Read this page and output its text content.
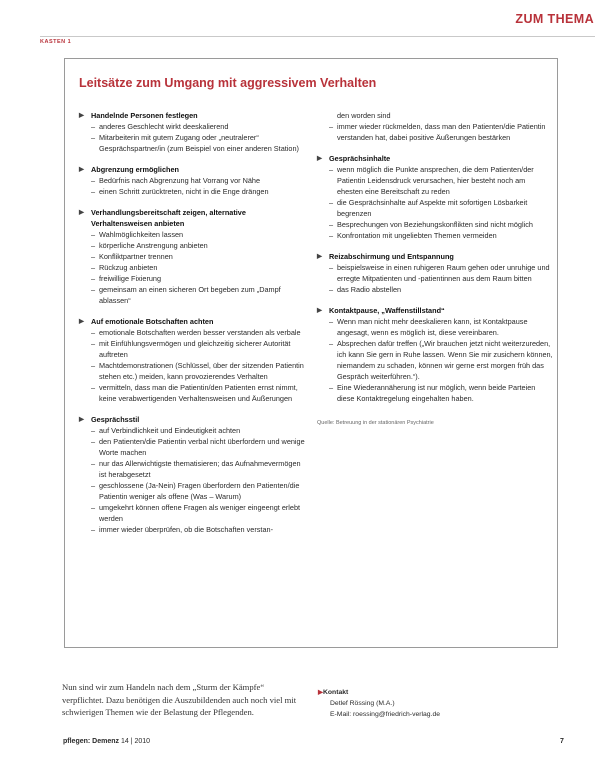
ZUM THEMA
KASTEN 1
Leitsätze zum Umgang mit aggressivem Verhalten
▶ Handelnde Personen festlegen
– anderes Geschlecht wirkt deeskalierend
– Mitarbeiterin mit gutem Zugang oder „neutralerer“ Gesprächspartner/in (zum Beispiel von einer anderen Station)
▶ Abgrenzung ermöglichen
– Bedürfnis nach Abgrenzung hat Vorrang vor Nähe
– einen Schritt zurücktreten, nicht in die Enge drängen
▶ Verhandlungsbereitschaft zeigen, alternative Verhaltensweisen anbieten
– Wahlmöglichkeiten lassen
– körperliche Anstrengung anbieten
– Konfliktpartner trennen
– Rückzug anbieten
– freiwillige Fixierung
– gemeinsam an einen sicheren Ort begeben zum „Dampf ablassen“
▶ Auf emotionale Botschaften achten
– emotionale Botschaften werden besser verstanden als verbale
– mit Einfühlungsvermögen und gleichzeitig sicherer Autorität auftreten
– Machtdemonstrationen (Schlüssel, über der sitzenden Patientin stehen etc.) meiden, kann provozierendes Verhalten
– vermitteln, dass man die Patientin/den Patienten ernst nimmt, keine verabwertigenden Verhaltensweisen und Äußerungen
▶ Gesprächsstil
– auf Verbindlichkeit und Eindeutigkeit achten
– den Patienten/die Patientin verbal nicht überfordern und wenige Worte machen
– nur das Allerwichtigste thematisieren; das Aufnahmevermögen ist herabgesetzt
– geschlossene (Ja-Nein) Fragen überfordern den Patienten/die Patientin weniger als offene (Was – Warum)
– umgekehrt können offene Fragen als weniger eingeengt erlebt werden
– immer wieder überprüfen, ob die Botschaften verstan-
den worden sind
– immer wieder rückmelden, dass man den Patienten/die Patientin verstanden hat, dabei positive Äußerungen bestärken
▶ Gesprächsinhalte
– wenn möglich die Punkte ansprechen, die dem Patienten/der Patientin Leidensdruck verursachen, hier besteht noch am ehesten eine Bereitschaft zu reden
– die Gesprächsinhalte auf Aspekte mit sofortigen Lösbarkeit begrenzen
– Besprechungen von Beziehungskonflikten sind nicht möglich
– Konfrontation mit ungeliebten Themen vermeiden
▶ Reizabschirmung und Entspannung
– beispielsweise in einen ruhigeren Raum gehen oder unruhige und erregte Mitpatienten und -patientinnen aus dem Raum bitten
– das Radio abstellen
▶ Kontaktpause, „Waffenstillstand“
– Wenn man nicht mehr deeskalieren kann, ist Kontaktpause angesagt, wenn es möglich ist, diese vereinbaren.
– Absprechen dafür treffen („Wir brauchen jetzt nicht weiterzureden, ich kann Sie gern in Ruhe lassen. Wenn Sie mir zusichern können, niemandem zu schaden, können wir gerne erst morgen früh das Gespräch weiterführen.“).
– Eine Wiederannäherung ist nur möglich, wenn beide Parteien diese Kontaktregelung eingehalten haben.
Quelle: Betreuung in der stationären Psychiatrie
Nun sind wir zum Handeln nach dem „Sturm der Kämpfe“ verpflichtet. Dazu benötigen die Auszubildenden auch noch viel mit schwierigen Themen wie der Belastung der Pflegenden.
▶Kontakt
Detlef Rössing (M.A.)
E-Mail: roessing@friedrich-verlag.de
pflegen: Demenz 14 | 2010	7
